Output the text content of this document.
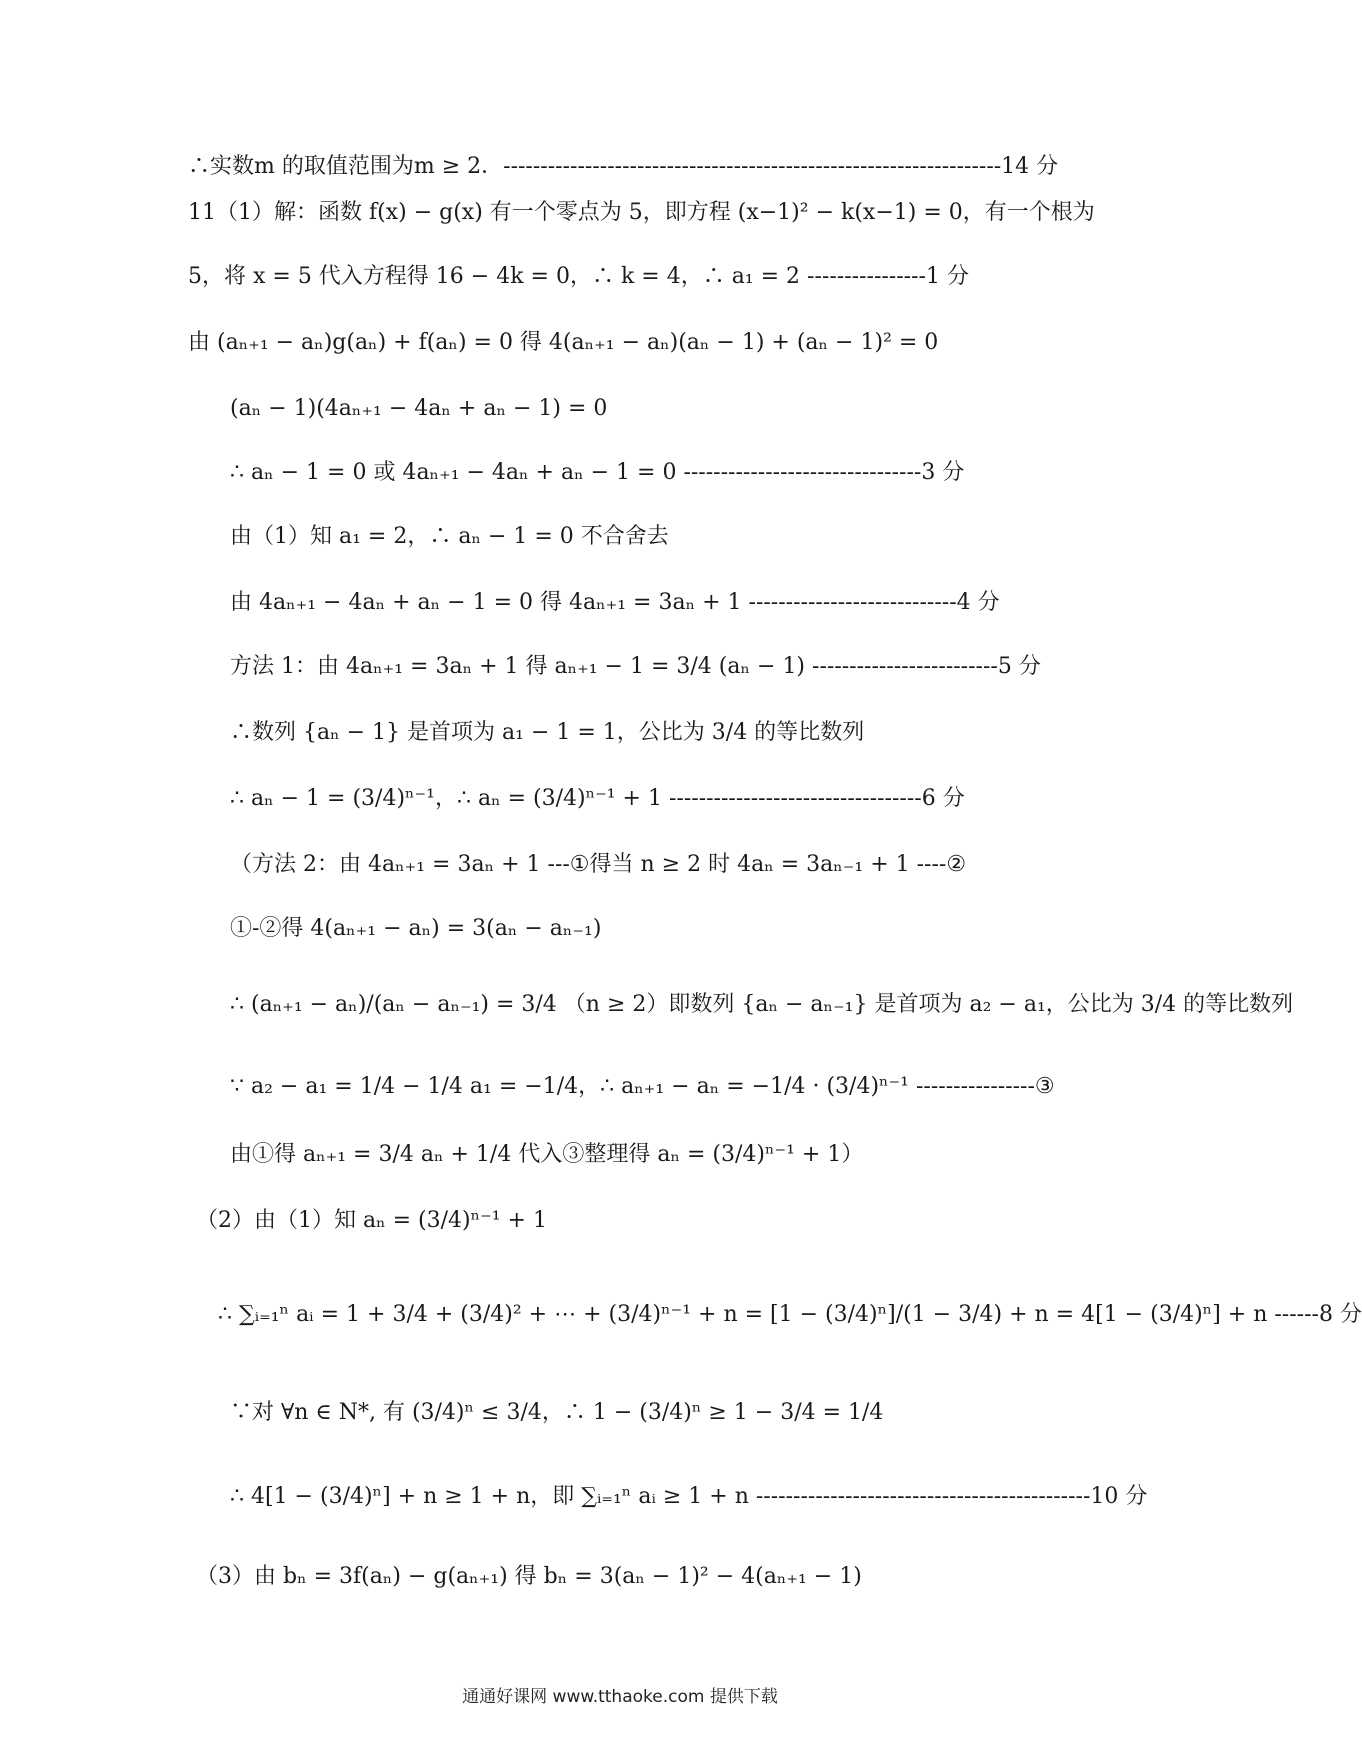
∴实数m 的取值范围为m ≥ 2．-------------------------------------------------------------------14 分
11（1）解：函数 f(x) − g(x) 有一个零点为 5，即方程 (x−1)² − k(x−1) = 0，有一个根为
5，将 x = 5 代入方程得 16 − 4k = 0，∴ k = 4，∴ a₁ = 2 ----------------1 分
由 (aₙ₊₁ − aₙ)g(aₙ) + f(aₙ) = 0 得 4(aₙ₊₁ − aₙ)(aₙ − 1) + (aₙ − 1)² = 0
(aₙ − 1)(4aₙ₊₁ − 4aₙ + aₙ − 1) = 0
∴ aₙ − 1 = 0 或 4aₙ₊₁ − 4aₙ + aₙ − 1 = 0 --------------------------------3 分
由（1）知 a₁ = 2，∴ aₙ − 1 = 0 不合舍去
由 4aₙ₊₁ − 4aₙ + aₙ − 1 = 0 得 4aₙ₊₁ = 3aₙ + 1 ----------------------------4 分
方法 1：由 4aₙ₊₁ = 3aₙ + 1 得 aₙ₊₁ − 1 = 3/4 (aₙ − 1) -------------------------5 分
∴数列 {aₙ − 1} 是首项为 a₁ − 1 = 1，公比为 3/4 的等比数列
∴ aₙ − 1 = (3/4)ⁿ⁻¹，∴ aₙ = (3/4)ⁿ⁻¹ + 1 ----------------------------------6 分
（方法 2：由 4aₙ₊₁ = 3aₙ + 1 ---①得当 n ≥ 2 时 4aₙ = 3aₙ₋₁ + 1 ----②
①-②得 4(aₙ₊₁ − aₙ) = 3(aₙ − aₙ₋₁)
∴ (aₙ₊₁ − aₙ)/(aₙ − aₙ₋₁) = 3/4 （n ≥ 2）即数列 {aₙ − aₙ₋₁} 是首项为 a₂ − a₁，公比为 3/4 的等比数列
∵ a₂ − a₁ = 1/4 − 1/4 a₁ = −1/4，∴ aₙ₊₁ − aₙ = −1/4 · (3/4)ⁿ⁻¹ ----------------③
由①得 aₙ₊₁ = 3/4 aₙ + 1/4 代入③整理得 aₙ = (3/4)ⁿ⁻¹ + 1）
（2）由（1）知 aₙ = (3/4)ⁿ⁻¹ + 1
∴ ∑ᵢ₌₁ⁿ aᵢ = 1 + 3/4 + (3/4)² + ⋯ + (3/4)ⁿ⁻¹ + n = [1 − (3/4)ⁿ]/(1 − 3/4) + n = 4[1 − (3/4)ⁿ] + n ------8 分
∵对 ∀n ∈ N*, 有 (3/4)ⁿ ≤ 3/4，∴ 1 − (3/4)ⁿ ≥ 1 − 3/4 = 1/4
∴ 4[1 − (3/4)ⁿ] + n ≥ 1 + n，即 ∑ᵢ₌₁ⁿ aᵢ ≥ 1 + n ---------------------------------------------10 分
（3）由 bₙ = 3f(aₙ) − g(aₙ₊₁) 得 bₙ = 3(aₙ − 1)² − 4(aₙ₊₁ − 1)
通通好课网 www.tthaoke.com 提供下载
